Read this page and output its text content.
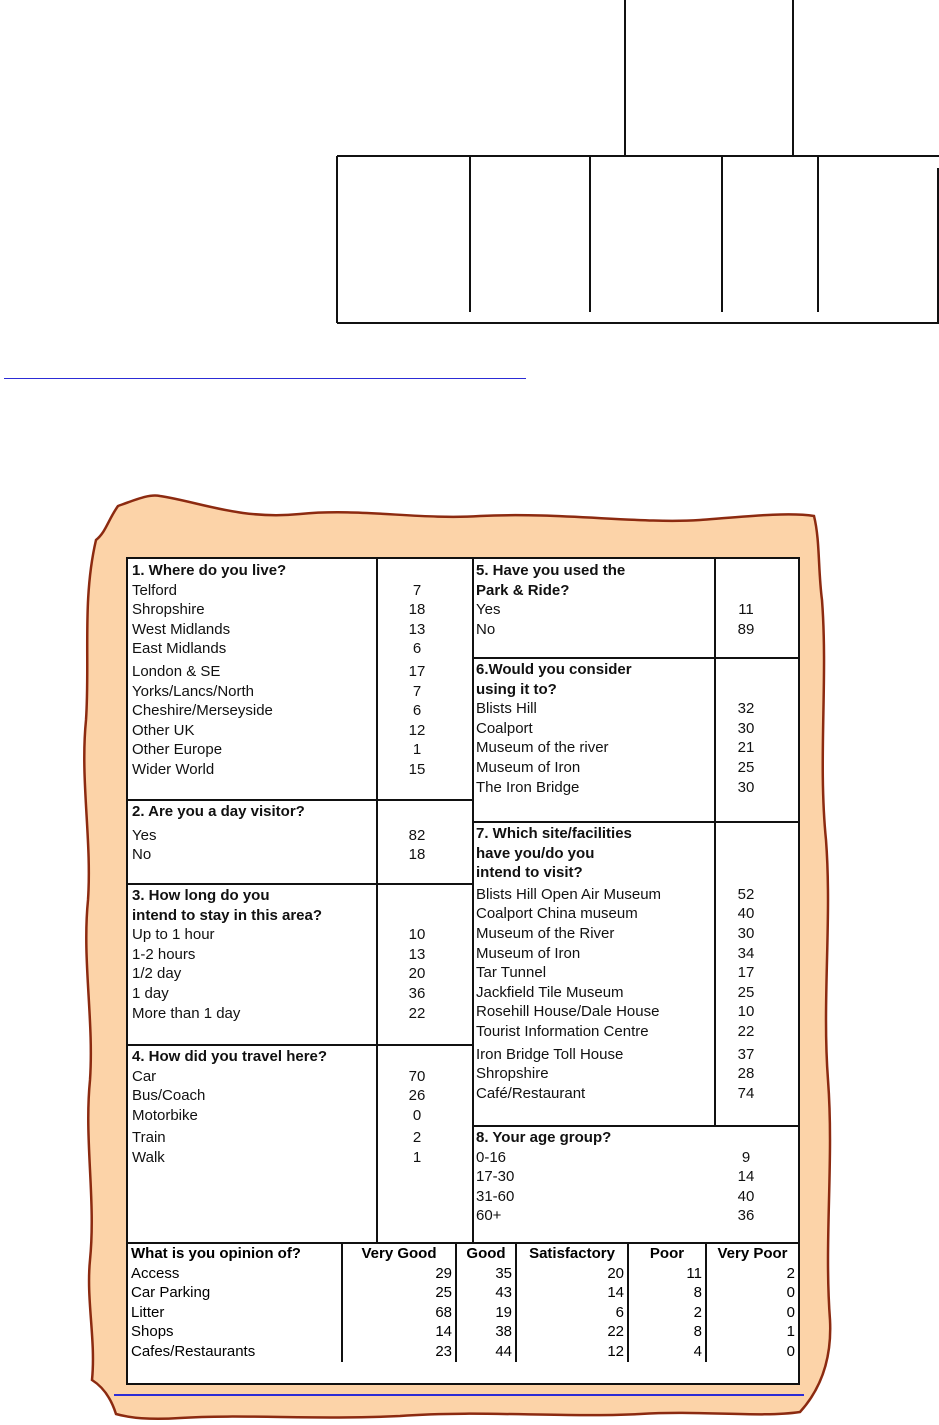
1. Where do you live?
Telford	7
Shropshire	18
West Midlands	13
East Midlands	6
London & SE	17
Yorks/Lancs/North	7
Cheshire/Merseyside	6
Other UK	12
Other Europe	1
Wider World	15
2. Are you a day visitor?
Yes	82
No	18
3. How long do you
intend to stay in this area?
Up to 1 hour	10
1-2 hours	13
1/2 day	20
1 day	36
More than 1 day	22
4. How did you travel here?
Car	70
Bus/Coach	26
Motorbike	0
Train	2
Walk	1
5. Have you used the
Park & Ride?
Yes	11
No	89
6.Would you consider
using it to?
Blists Hill	32
Coalport	30
Museum of the river	21
Museum of Iron	25
The Iron Bridge	30
7. Which site/facilities
have you/do you
intend to visit?
Blists Hill Open Air Museum	52
Coalport China museum	40
Museum of the River	30
Museum of Iron	34
Tar Tunnel	17
Jackfield Tile Museum	25
Rosehill House/Dale House	10
Tourist Information Centre	22
Iron Bridge Toll House	37
Shropshire	28
Café/Restaurant	74
8. Your age group?
0-16	9
17-30	14
31-60	40
60+	36
What is you opinion of?	Very Good	Good	Satisfactory	Poor	Very Poor
Access	29	35	20	11	2
Car Parking	25	43	14	8	0
Litter	68	19	6	2	0
Shops	14	38	22	8	1
Cafes/Restaurants	23	44	12	4	0
